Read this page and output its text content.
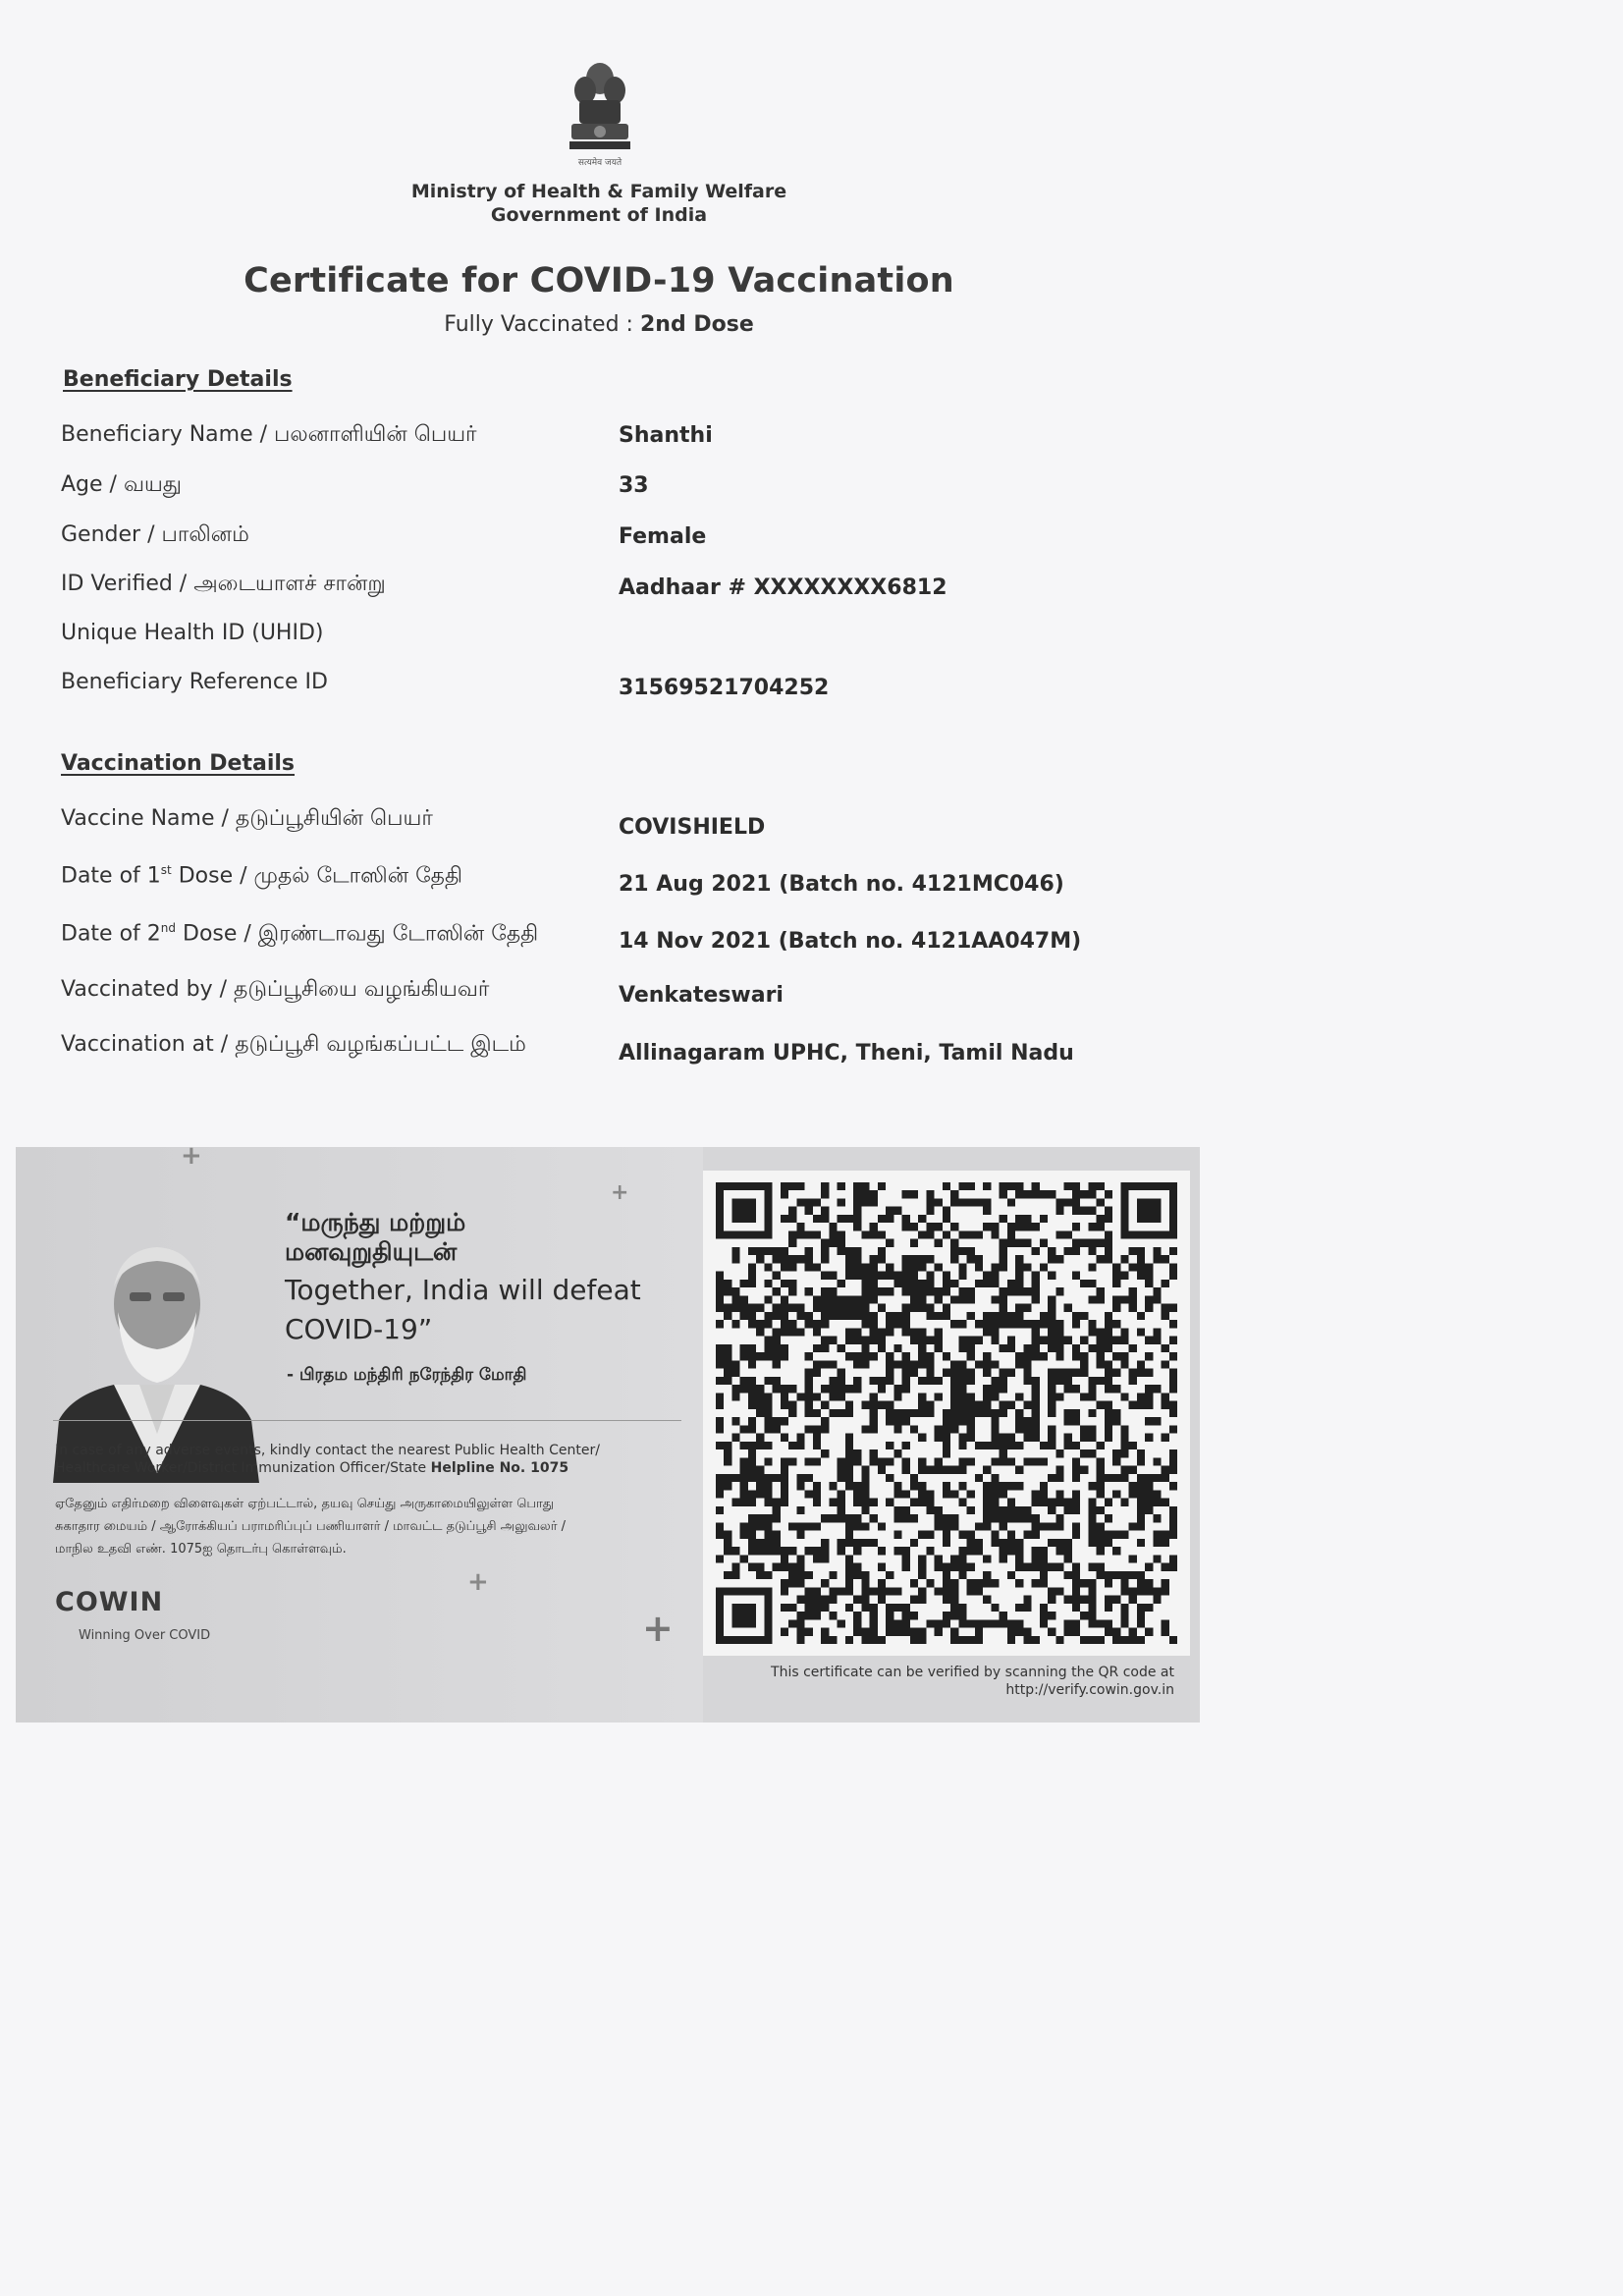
सत्यमेव जयते
Ministry of Health & Family Welfare
Government of India
Certificate for COVID-19 Vaccination
Fully Vaccinated : 2nd Dose
Beneficiary Details
Beneficiary Name / பலனாளியின் பெயர்	Shanthi
Age / வயது	33
Gender / பாலினம்	Female
ID Verified / அடையாளச் சான்று	Aadhaar # XXXXXXXX6812
Unique Health ID (UHID)
Beneficiary Reference ID	31569521704252
Vaccination Details
Vaccine Name / தடுப்பூசியின் பெயர்	COVISHIELD
Date of 1st Dose / முதல் டோஸின் தேதி	21 Aug 2021 (Batch no. 4121MC046)
Date of 2nd Dose / இரண்டாவது டோஸின் தேதி	14 Nov 2021 (Batch no. 4121AA047M)
Vaccinated by / தடுப்பூசியை வழங்கியவர்	Venkateswari
Vaccination at / தடுப்பூசி வழங்கப்பட்ட இடம்	Allinagaram UPHC, Theni, Tamil Nadu
+
+
+
+
“மருந்து மற்றும்
மனவுறுதியுடன்
Together, India will defeat
COVID-19”
- பிரதம மந்திரி நரேந்திர மோதி
In case of any adverse events, kindly contact the nearest Public Health Center/
Healthcare Worker/District Immunization Officer/State Helpline No. 1075
ஏதேனும் எதிர்மறை விளைவுகள் ஏற்பட்டால், தயவு செய்து அருகாமையிலுள்ள பொது
சுகாதார மையம் / ஆரோக்கியப் பராமரிப்புப் பணியாளர் / மாவட்ட தடுப்பூசி அலுவலர் /
மாநில உதவி எண். 1075ஐ தொடர்பு கொள்ளவும்.
COWIN
Winning Over COVID
This certificate can be verified by scanning the QR code at
http://verify.cowin.gov.in
